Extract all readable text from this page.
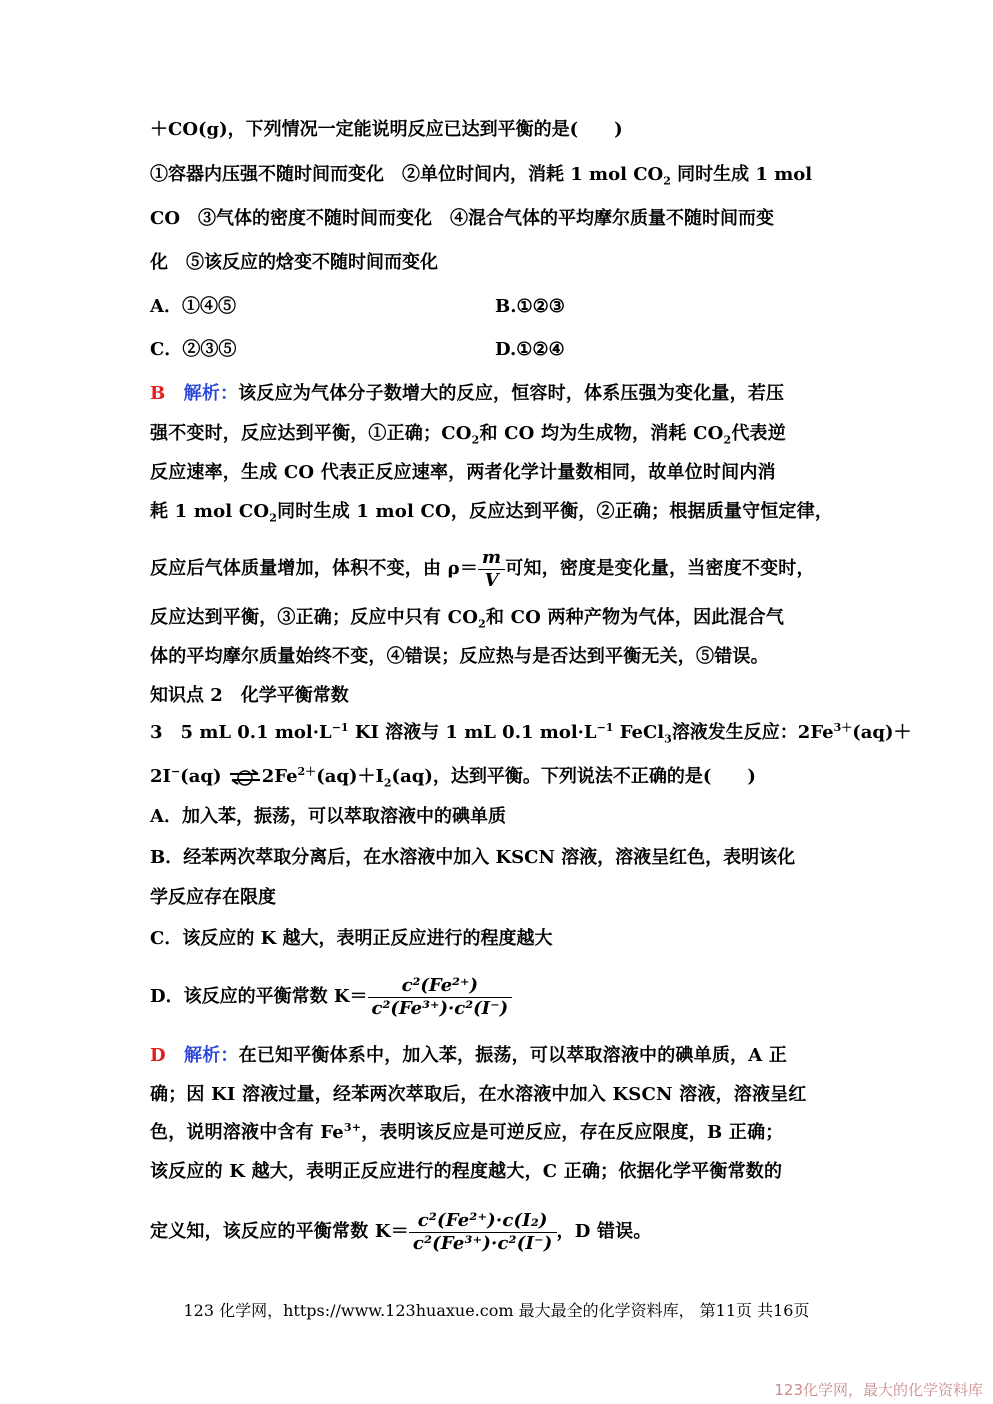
＋CO(g)，下列情况一定能说明反应已达到平衡的是(　　)
①容器内压强不随时间而变化　②单位时间内，消耗 1 mol $CO_2$ 同时生成 1 mol
CO　③气体的密度不随时间而变化　④混合气体的平均摩尔质量不随时间而变
化　⑤该反应的焓变不随时间而变化
A．①④⑤	B.①②③
C．②③⑤	D.①②④
B　 解析：该反应为气体分子数增大的反应，恒容时，体系压强为变化量，若压
强不变时，反应达到平衡，①正确；$CO_2$和 CO 均为生成物，消耗 $CO_2$代表逆
反应速率，生成 CO 代表正反应速率，两者化学计量数相同，故单位时间内消
耗 1 mol $CO_2$同时生成 1 mol CO，反应达到平衡，②正确；根据质量守恒定律，
反应后气体质量增加，体积不变，由 $\rho= \frac{m}{V}$ 可知，密度是变化量，当密度不变时，
反应达到平衡，③正确；反应中只有 $CO_2$和 CO 两种产物为气体，因此混合气
体的平均摩尔质量始终不变，④错误；反应热与是否达到平衡无关，⑤错误。
知识点 2　化学平衡常数
3　5 mL 0.1 $mol\cdot L^{-1}$ KI 溶液与 1 mL 0.1 $mol\cdot L^{-1}$ FeCl$_3$溶液发生反应：$2Fe^{3+}(aq)+$
2I−(aq) $\rightleftharpoons 2Fe^{2+}(aq)+I_2(aq)$，达到平衡。下列说法不正确的是(　　)
A．加入苯，振荡，可以萃取溶液中的碘单质
B．经苯两次萃取分离后，在水溶液中加入 KSCN 溶液，溶液呈红色，表明该化
学反应存在限度
C．该反应的 K 越大，表明正反应进行的程度越大
D．该反应的平衡常数 $K= \frac{\text{c²(Fe²⁺)}}{\text{c²(Fe³⁺)·c²(I⁻)}}$
D　 解析：在已知平衡体系中，加入苯，振荡，可以萃取溶液中的碘单质，A 正
确；因 KI 溶液过量，经苯两次萃取后，在水溶液中加入 KSCN 溶液，溶液呈红
色，说明溶液中含有 $Fe^{3+}$，表明该反应是可逆反应，存在反应限度，B 正确；
该反应的 K 越大，表明正反应进行的程度越大，C 正确；依据化学平衡常数的
定义知，该反应的平衡常数 $K= \frac{\text{c²(Fe²⁺)·c(I₂)}}{\text{c²(Fe³⁺)·c²(I⁻)}}$ ，D 错误。
123 化学网，https://www.123huaxue.com 最大最全的化学资料库， 第11页 共16页
123化学网，最大的化学资料库
